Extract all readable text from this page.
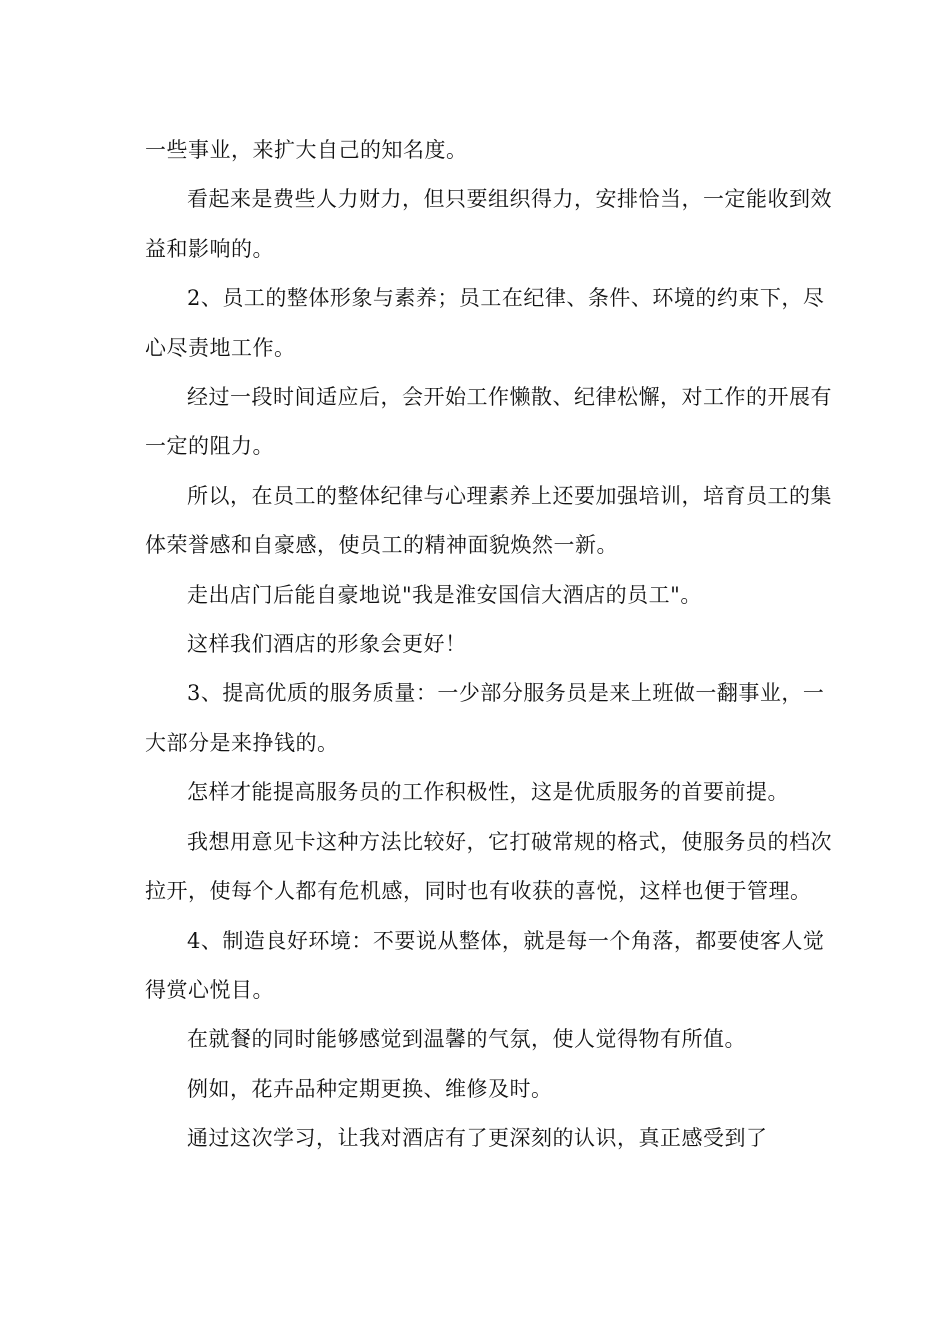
一些事业，来扩大自己的知名度。

看起来是费些人力财力，但只要组织得力，安排恰当，一定能收到效益和影响的。

2、员工的整体形象与素养；员工在纪律、条件、环境的约束下，尽心尽责地工作。

经过一段时间适应后，会开始工作懒散、纪律松懈，对工作的开展有一定的阻力。

所以，在员工的整体纪律与心理素养上还要加强培训，培育员工的集体荣誉感和自豪感，使员工的精神面貌焕然一新。

走出店门后能自豪地说"我是淮安国信大酒店的员工"。

这样我们酒店的形象会更好！

3、提高优质的服务质量：一少部分服务员是来上班做一翻事业，一大部分是来挣钱的。

怎样才能提高服务员的工作积极性，这是优质服务的首要前提。

我想用意见卡这种方法比较好，它打破常规的格式，使服务员的档次拉开，使每个人都有危机感，同时也有收获的喜悦，这样也便于管理。

4、制造良好环境：不要说从整体，就是每一个角落，都要使客人觉得赏心悦目。

在就餐的同时能够感觉到温馨的气氛，使人觉得物有所值。

例如，花卉品种定期更换、维修及时。

通过这次学习，让我对酒店有了更深刻的认识，真正感受到了
